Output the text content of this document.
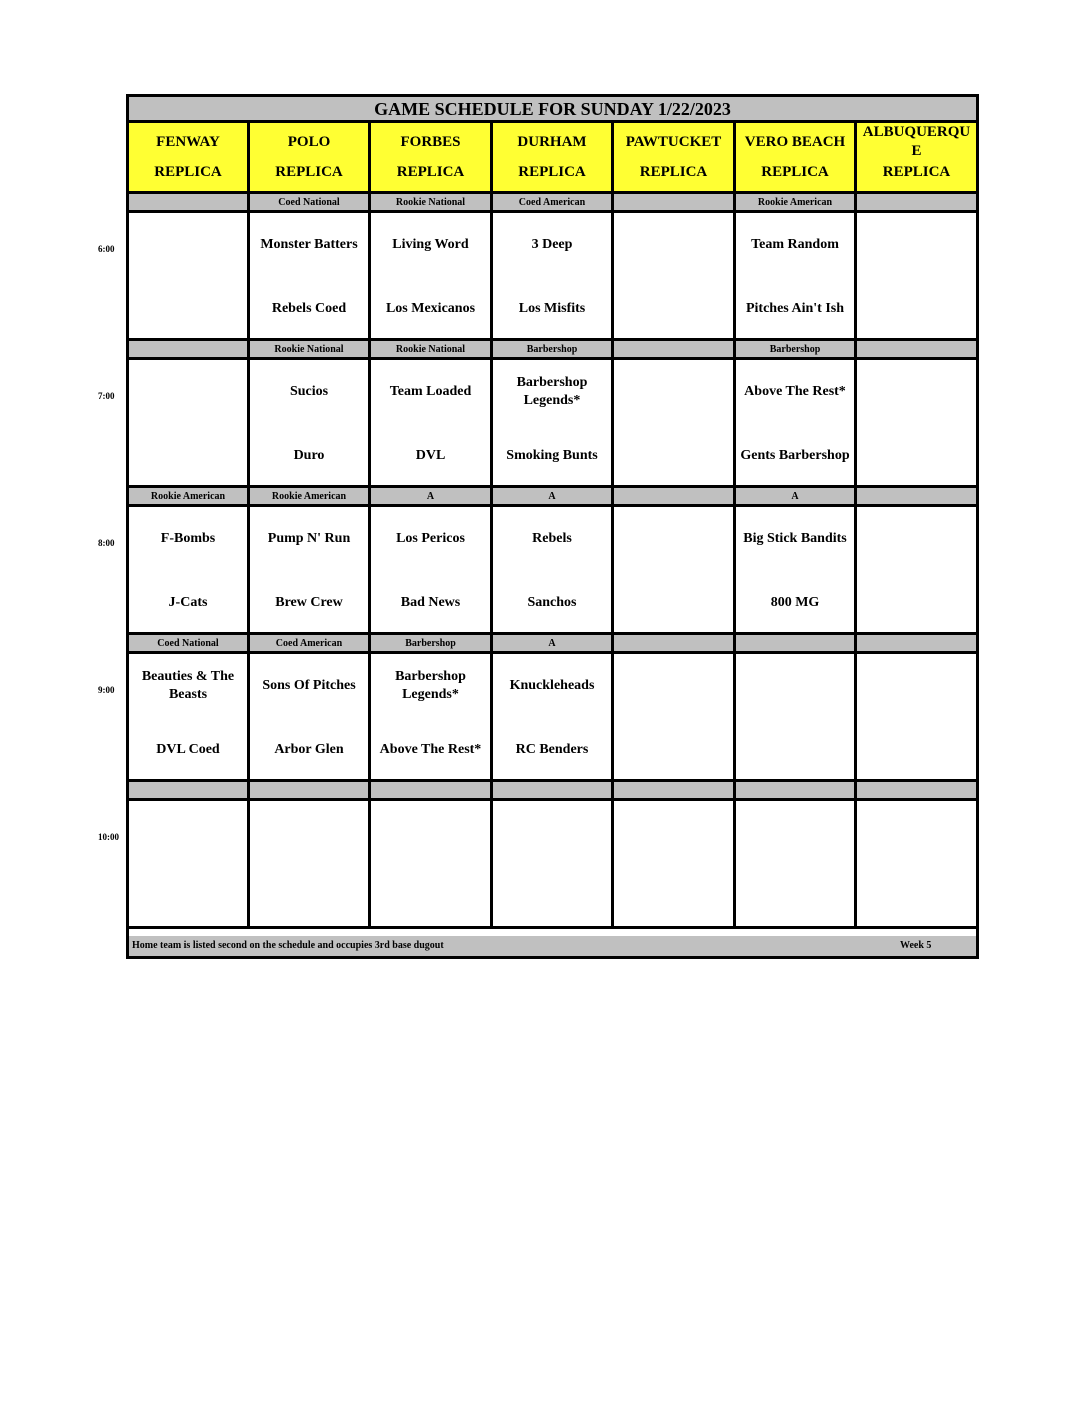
6:00
7:00
8:00
9:00
10:00
GAME SCHEDULE FOR SUNDAY 1/22/2023
FENWAY
REPLICA
POLO
REPLICA
FORBES
REPLICA
DURHAM
REPLICA
PAWTUCKET
REPLICA
VERO BEACH
REPLICA
ALBUQUERQUE
REPLICA
Coed National
Monster Batters
Rebels Coed
Rookie National
Living Word
Los Mexicanos
Coed American
3 Deep
Los Misfits
Rookie American
Team Random
Pitches Ain't Ish
Rookie National
Sucios
Duro
Rookie National
Team Loaded
DVL
Barbershop
Barbershop Legends*
Smoking Bunts
Barbershop
Above The Rest*
Gents Barbershop
Rookie American
F-Bombs
J-Cats
Rookie American
Pump N' Run
Brew Crew
A
Los Pericos
Bad News
A
Rebels
Sanchos
A
Big Stick Bandits
800 MG
Coed National
Beauties & The Beasts
DVL Coed
Coed American
Sons Of Pitches
Arbor Glen
Barbershop
Barbershop Legends*
Above The Rest*
A
Knuckleheads
RC Benders
Home team is listed second on the schedule and occupies 3rd base dugout	Week 5
